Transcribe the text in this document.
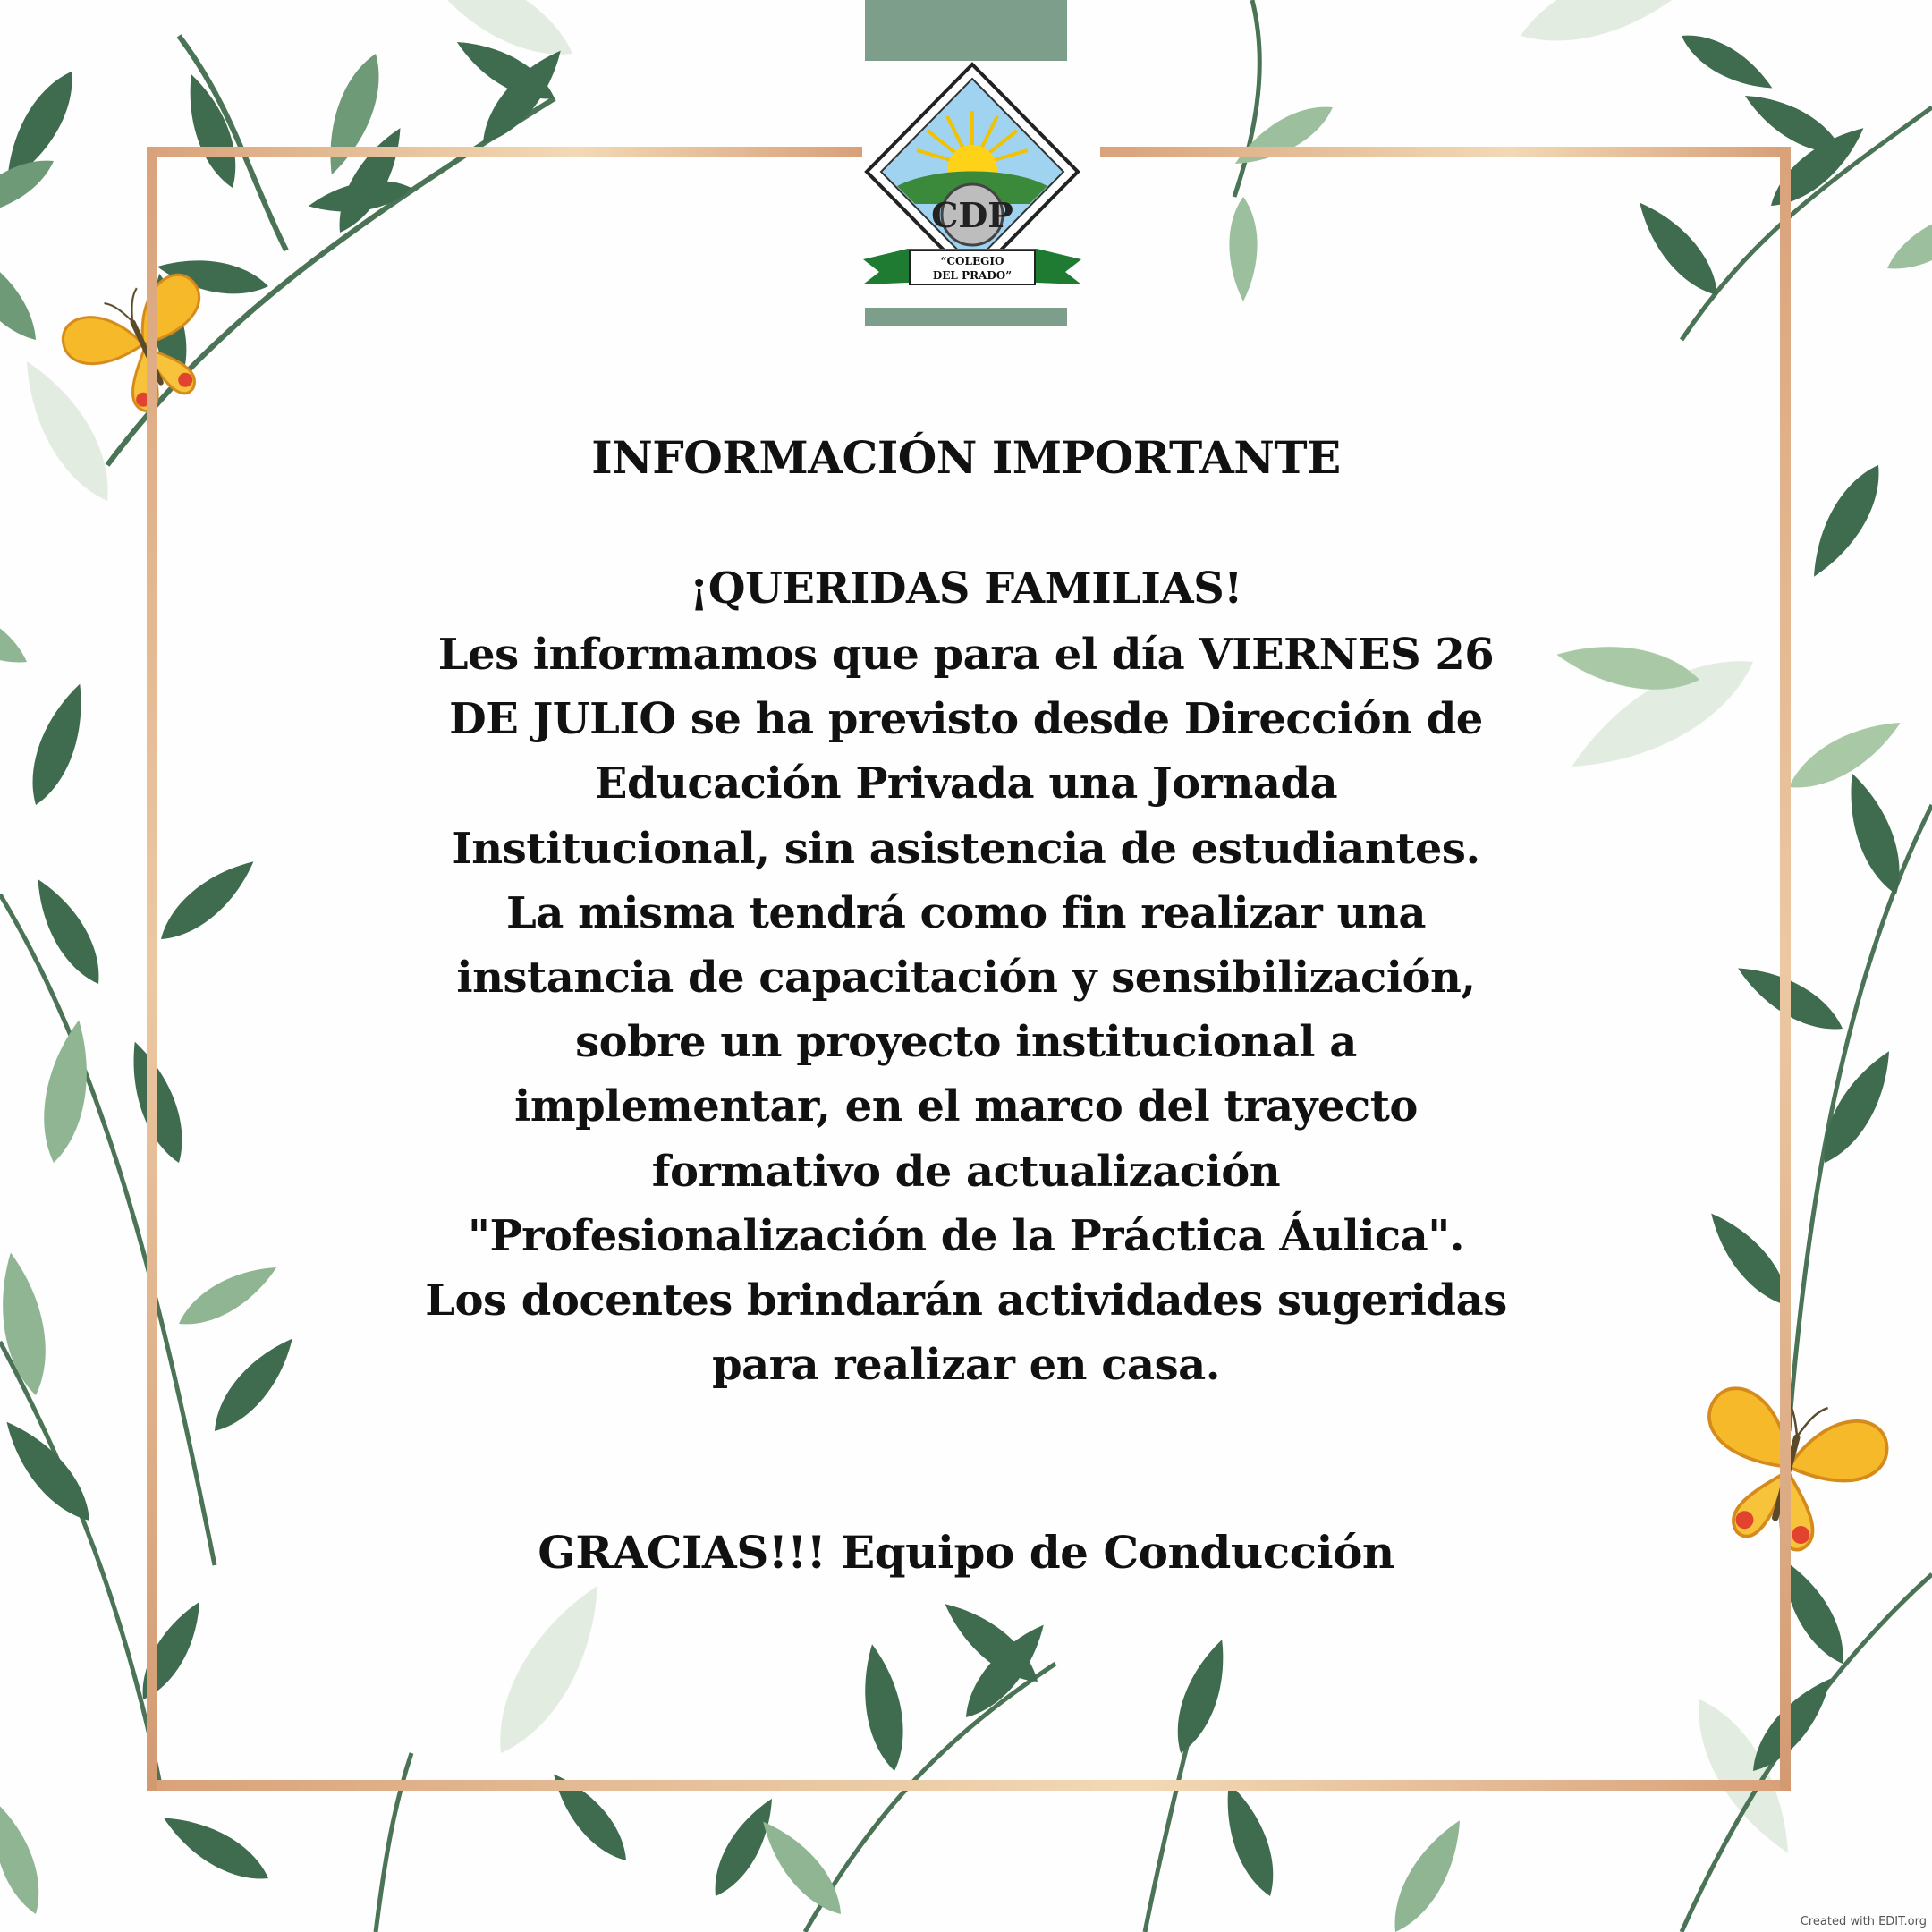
CDP
“COLEGIO
DEL PRADO”
INFORMACIÓN IMPORTANTE
¡QUERIDAS FAMILIAS!
Les informamos que para el día VIERNES 26
DE JULIO se ha previsto desde Dirección de
Educación Privada una Jornada
Institucional, sin asistencia de estudiantes.
La misma tendrá como fin realizar una
instancia de capacitación y sensibilización,
sobre un proyecto institucional a
implementar, en el marco del trayecto
formativo de actualización
"Profesionalización de la Práctica Áulica".
Los docentes brindarán actividades sugeridas
para realizar en casa.
GRACIAS!!! Equipo de Conducción
Created with EDIT.org
